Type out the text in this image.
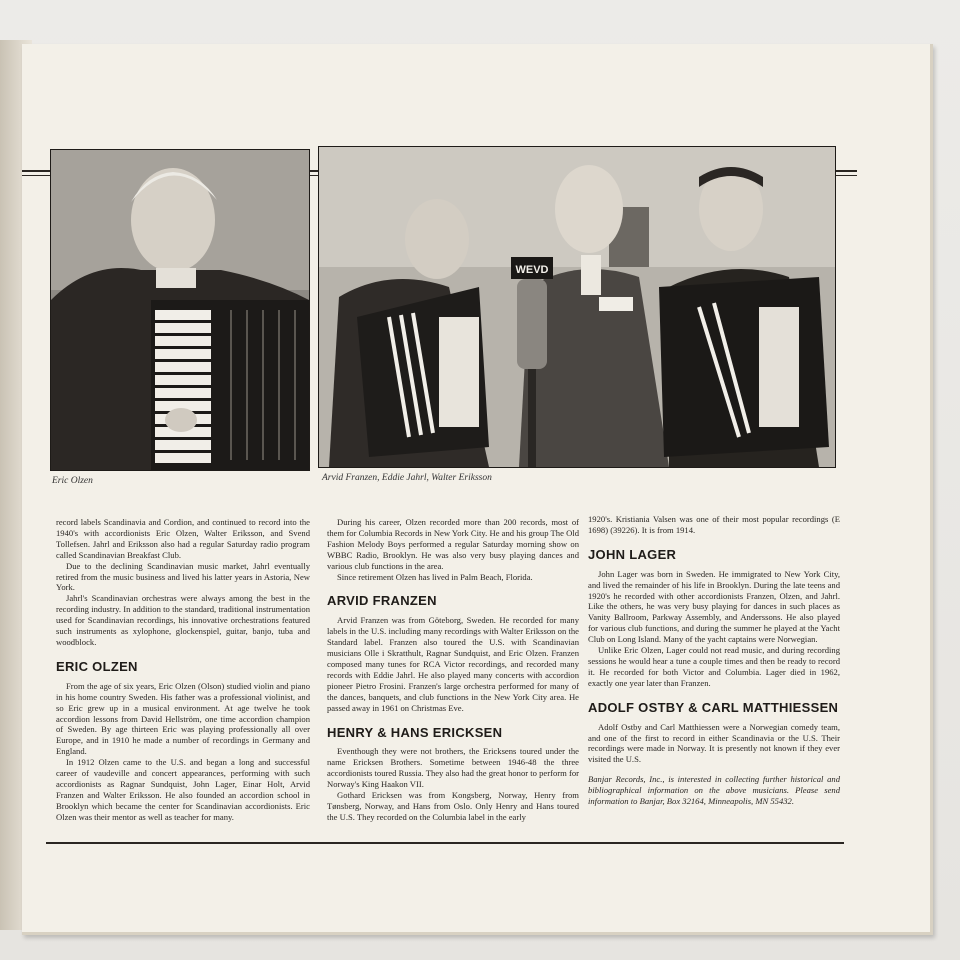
WEVD
Eric Olzen	Arvid Franzen, Eddie Jahrl, Walter Eriksson

record labels Scandinavia and Cordion, and continued to record into the 1940's with accordionists Eric Olzen, Walter Eriksson, and Svend Tollefsen. Jahrl and Eriksson also had a regular Saturday radio program called Scandinavian Breakfast Club.

Due to the declining Scandinavian music market, Jahrl eventually retired from the music business and lived his latter years in Astoria, New York.

Jahrl's Scandinavian orchestras were always among the best in the recording industry. In addition to the standard, traditional instrumentation used for Scandinavian recordings, his innovative orchestrations featured such instruments as xylophone, glockenspiel, guitar, banjo, tuba and woodblock.

ERIC OLZEN

From the age of six years, Eric Olzen (Olson) studied violin and piano in his home country Sweden. His father was a professional violinist, and so Eric grew up in a musical environment. At age twelve he took accordion lessons from David Hellström, one time accordion champion of Sweden. By age thirteen Eric was playing professionally all over Europe, and in 1910 he made a number of recordings in Germany and England.

In 1912 Olzen came to the U.S. and began a long and successful career of vaudeville and concert appearances, performing with such accordionists as Ragnar Sundquist, John Lager, Einar Holt, Arvid Franzen and Walter Eriksson. He also founded an accordion school in Brooklyn which became the center for Scandinavian accordionists. Eric Olzen was their mentor as well as teacher for many.

During his career, Olzen recorded more than 200 records, most of them for Columbia Records in New York City. He and his group The Old Fashion Melody Boys performed a regular Saturday morning show on WBBC Radio, Brooklyn. He was also very busy playing dances and various club functions in the area.

Since retirement Olzen has lived in Palm Beach, Florida.

ARVID FRANZEN

Arvid Franzen was from Göteborg, Sweden. He recorded for many labels in the U.S. including many recordings with Walter Eriksson on the Standard label. Franzen also toured the U.S. with Scandinavian musicians Olle i Skratthult, Ragnar Sundquist, and Eric Olzen. Franzen composed many tunes for RCA Victor recordings, and recorded many records with Eddie Jahrl. He also played many concerts with accordion pioneer Pietro Frosini. Franzen's large orchestra performed for many of the dances, banquets, and club functions in the New York City area. He passed away in 1961 on Christmas Eve.

HENRY & HANS ERICKSEN

Eventhough they were not brothers, the Ericksens toured under the name Ericksen Brothers. Sometime between 1946-48 the three accordionists toured Russia. They also had the great honor to perform for Norway's King Haakon VII.

Gothard Ericksen was from Kongsberg, Norway, Henry from Tønsberg, Norway, and Hans from Oslo. Only Henry and Hans toured the U.S. They recorded on the Columbia label in the early

1920's. Kristiania Valsen was one of their most popular recordings (E 1698) (39226). It is from 1914.

JOHN LAGER

John Lager was born in Sweden. He immigrated to New York City, and lived the remainder of his life in Brooklyn. During the late teens and 1920's he recorded with other accordionists Franzen, Olzen, and Jahrl. Like the others, he was very busy playing for dances in such places as Vanity Ballroom, Parkway Assembly, and Anderssons. He also played for various club functions, and during the summer he played at the Yacht Club on Long Island. Many of the yacht captains were Norwegian.

Unlike Eric Olzen, Lager could not read music, and during recording sessions he would hear a tune a couple times and then be ready to record it. He recorded for both Victor and Columbia. Lager died in 1962, exactly one year later than Franzen.

ADOLF OSTBY & CARL MATTHIESSEN

Adolf Ostby and Carl Matthiessen were a Norwegian comedy team, and one of the first to record in either Scandinavia or the U.S. Their recordings were made in Norway. It is presently not known if they ever visited the U.S.

Banjar Records, Inc., is interested in collecting further historical and bibliographical information on the above musicians. Please send information to Banjar, Box 32164, Minneapolis, MN 55432.
